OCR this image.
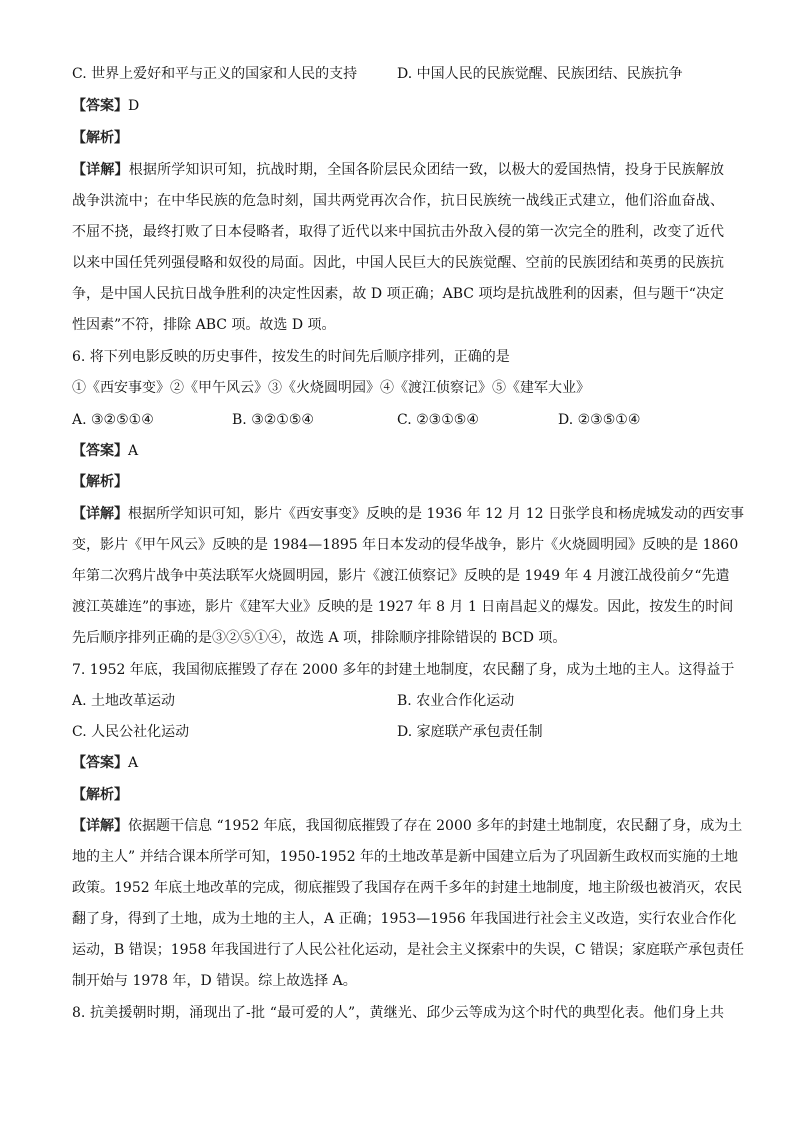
C. 世界上爱好和平与正义的国家和人民的支持	D. 中国人民的民族觉醒、民族团结、民族抗争
【答案】D
【解析】
【详解】根据所学知识可知，抗战时期，全国各阶层民众团结一致，以极大的爱国热情，投身于民族解放
战争洪流中；在中华民族的危急时刻，国共两党再次合作，抗日民族统一战线正式建立，他们浴血奋战、
不屈不挠，最终打败了日本侵略者，取得了近代以来中国抗击外敌入侵的第一次完全的胜利，改变了近代
以来中国任凭列强侵略和奴役的局面。因此，中国人民巨大的民族觉醒、空前的民族团结和英勇的民族抗
争，是中国人民抗日战争胜利的决定性因素，故 D 项正确；ABC 项均是抗战胜利的因素，但与题干“决定
性因素”不符，排除 ABC 项。故选 D 项。
6. 将下列电影反映的历史事件，按发生的时间先后顺序排列，正确的是
①《西安事变》②《甲午风云》③《火烧圆明园》④《渡江侦察记》⑤《建军大业》
A. ③②⑤①④	B. ③②①⑤④	C. ②③①⑤④	D. ②③⑤①④
【答案】A
【解析】
【详解】根据所学知识可知，影片《西安事变》反映的是 1936 年 12 月 12 日张学良和杨虎城发动的西安事
变，影片《甲午风云》反映的是 1984—1895 年日本发动的侵华战争，影片《火烧圆明园》反映的是 1860
年第二次鸦片战争中英法联军火烧圆明园，影片《渡江侦察记》反映的是 1949 年 4 月渡江战役前夕“先遣
渡江英雄连”的事迹，影片《建军大业》反映的是 1927 年 8 月 1 日南昌起义的爆发。因此，按发生的时间
先后顺序排列正确的是③②⑤①④，故选 A 项，排除顺序排除错误的 BCD 项。
7. 1952 年底，我国彻底摧毁了存在 2000 多年的封建土地制度，农民翻了身，成为土地的主人。这得益于
A. 土地改革运动	B. 农业合作化运动
C. 人民公社化运动	D. 家庭联产承包责任制
【答案】A
【解析】
【详解】依据题干信息 “1952 年底，我国彻底摧毁了存在 2000 多年的封建土地制度，农民翻了身，成为土
地的主人” 并结合课本所学可知，1950-1952 年的土地改革是新中国建立后为了巩固新生政权而实施的土地
政策。1952 年底土地改革的完成，彻底摧毁了我国存在两千多年的封建土地制度，地主阶级也被消灭，农民
翻了身，得到了土地，成为土地的主人，A 正确；1953—1956 年我国进行社会主义改造，实行农业合作化
运动，B 错误；1958 年我国进行了人民公社化运动，是社会主义探索中的失误，C 错误；家庭联产承包责任
制开始与 1978 年，D 错误。综上故选择 A。
8. 抗美援朝时期，涌现出了-批 “最可爱的人”，黄继光、邱少云等成为这个时代的典型化表。他们身上共
